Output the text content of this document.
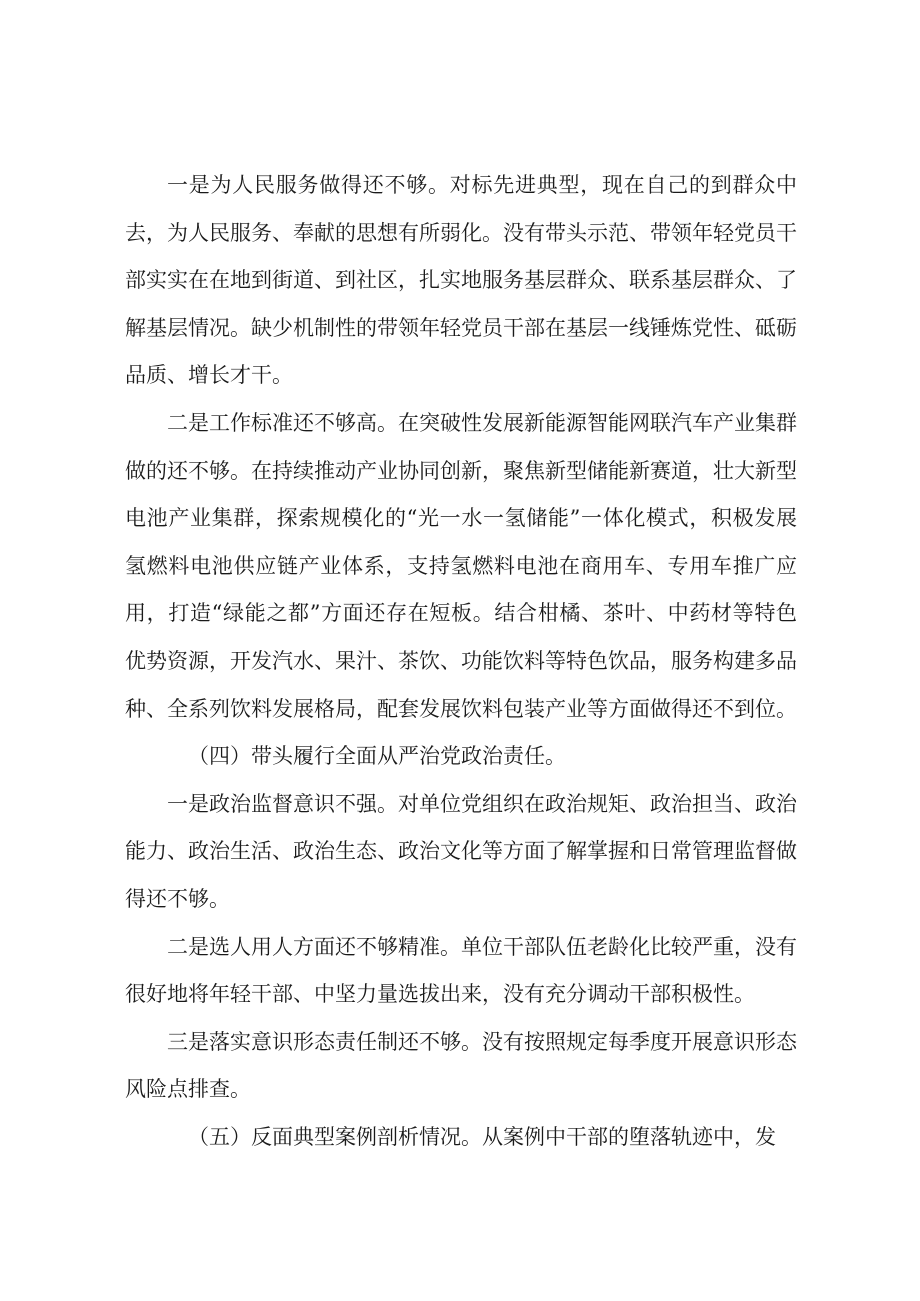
一是为人民服务做得还不够。对标先进典型，现在自己的到群众中去，为人民服务、奉献的思想有所弱化。没有带头示范、带领年轻党员干部实实在在地到街道、到社区，扎实地服务基层群众、联系基层群众、了解基层情况。缺少机制性的带领年轻党员干部在基层一线锤炼党性、砥砺品质、增长才干。

二是工作标准还不够高。在突破性发展新能源智能网联汽车产业集群做的还不够。在持续推动产业协同创新，聚焦新型储能新赛道，壮大新型电池产业集群，探索规模化的“光一水一氢储能”一体化模式，积极发展氢燃料电池供应链产业体系，支持氢燃料电池在商用车、专用车推广应用，打造“绿能之都”方面还存在短板。结合柑橘、茶叶、中药材等特色优势资源，开发汽水、果汁、茶饮、功能饮料等特色饮品，服务构建多品种、全系列饮料发展格局，配套发展饮料包装产业等方面做得还不到位。

（四）带头履行全面从严治党政治责任。

一是政治监督意识不强。对单位党组织在政治规矩、政治担当、政治能力、政治生活、政治生态、政治文化等方面了解掌握和日常管理监督做得还不够。

二是选人用人方面还不够精准。单位干部队伍老龄化比较严重，没有很好地将年轻干部、中坚力量选拔出来，没有充分调动干部积极性。

三是落实意识形态责任制还不够。没有按照规定每季度开展意识形态风险点排查。

（五）反面典型案例剖析情况。从案例中干部的堕落轨迹中，发
